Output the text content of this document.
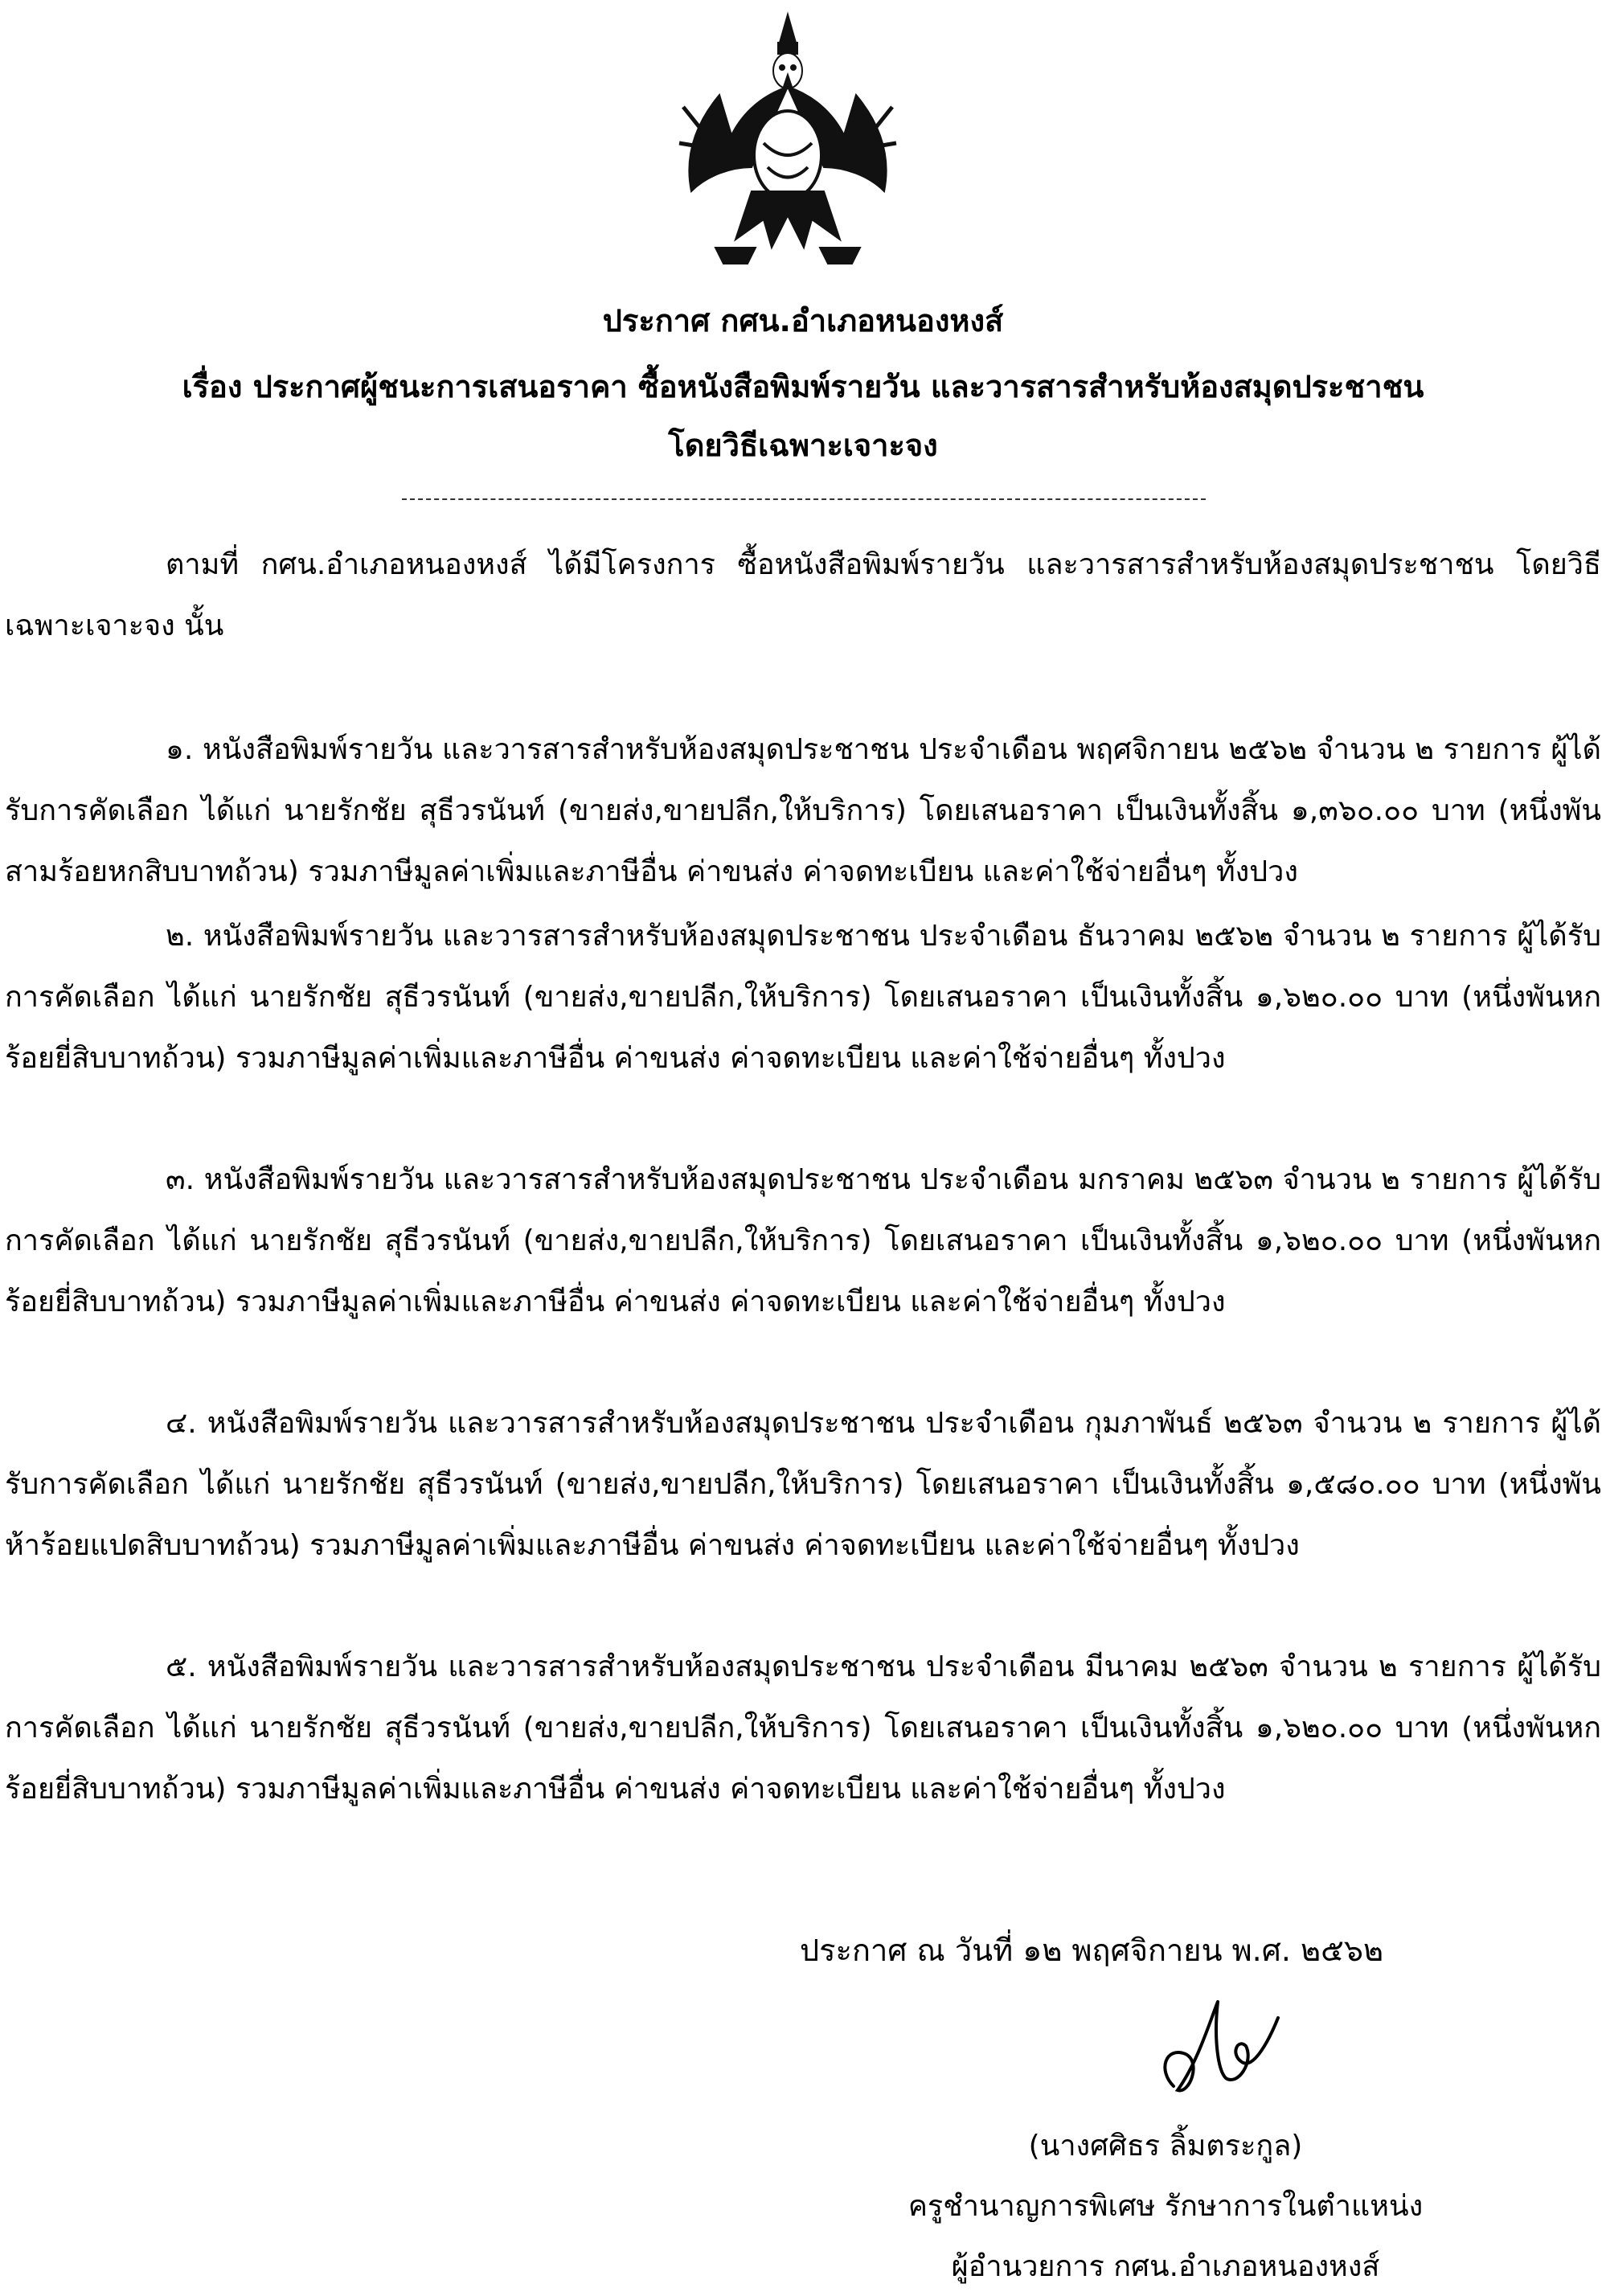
ประกาศ กศน.อำเภอหนองหงส์
เรื่อง ประกาศผู้ชนะการเสนอราคา ซื้อหนังสือพิมพ์รายวัน และวารสารสำหรับห้องสมุดประชาชน
โดยวิธีเฉพาะเจาะจง

ตามที่ กศน.อำเภอหนองหงส์ ได้มีโครงการ ซื้อหนังสือพิมพ์รายวัน และวารสารสำหรับห้องสมุดประชาชน โดยวิธีเฉพาะเจาะจง นั้น

๑. หนังสือพิมพ์รายวัน และวารสารสำหรับห้องสมุดประชาชน ประจำเดือน พฤศจิกายน ๒๕๖๒ จำนวน ๒ รายการ ผู้ได้รับการคัดเลือก ได้แก่ นายรักชัย สุธีวรนันท์ (ขายส่ง,ขายปลีก,ให้บริการ) โดยเสนอราคา เป็นเงินทั้งสิ้น ๑,๓๖๐.๐๐ บาท (หนึ่งพันสามร้อยหกสิบบาทถ้วน) รวมภาษีมูลค่าเพิ่มและภาษีอื่น ค่าขนส่ง ค่าจดทะเบียน และค่าใช้จ่ายอื่นๆ ทั้งปวง

๒. หนังสือพิมพ์รายวัน และวารสารสำหรับห้องสมุดประชาชน ประจำเดือน ธันวาคม ๒๕๖๒ จำนวน ๒ รายการ ผู้ได้รับการคัดเลือก ได้แก่ นายรักชัย สุธีวรนันท์ (ขายส่ง,ขายปลีก,ให้บริการ) โดยเสนอราคา เป็นเงินทั้งสิ้น ๑,๖๒๐.๐๐ บาท (หนึ่งพันหกร้อยยี่สิบบาทถ้วน) รวมภาษีมูลค่าเพิ่มและภาษีอื่น ค่าขนส่ง ค่าจดทะเบียน และค่าใช้จ่ายอื่นๆ ทั้งปวง

๓. หนังสือพิมพ์รายวัน และวารสารสำหรับห้องสมุดประชาชน ประจำเดือน มกราคม ๒๕๖๓ จำนวน ๒ รายการ ผู้ได้รับการคัดเลือก ได้แก่ นายรักชัย สุธีวรนันท์ (ขายส่ง,ขายปลีก,ให้บริการ) โดยเสนอราคา เป็นเงินทั้งสิ้น ๑,๖๒๐.๐๐ บาท (หนึ่งพันหกร้อยยี่สิบบาทถ้วน) รวมภาษีมูลค่าเพิ่มและภาษีอื่น ค่าขนส่ง ค่าจดทะเบียน และค่าใช้จ่ายอื่นๆ ทั้งปวง

๔. หนังสือพิมพ์รายวัน และวารสารสำหรับห้องสมุดประชาชน ประจำเดือน กุมภาพันธ์ ๒๕๖๓ จำนวน ๒ รายการ ผู้ได้รับการคัดเลือก ได้แก่ นายรักชัย สุธีวรนันท์ (ขายส่ง,ขายปลีก,ให้บริการ) โดยเสนอราคา เป็นเงินทั้งสิ้น ๑,๕๘๐.๐๐ บาท (หนึ่งพันห้าร้อยแปดสิบบาทถ้วน) รวมภาษีมูลค่าเพิ่มและภาษีอื่น ค่าขนส่ง ค่าจดทะเบียน และค่าใช้จ่ายอื่นๆ ทั้งปวง

๕. หนังสือพิมพ์รายวัน และวารสารสำหรับห้องสมุดประชาชน ประจำเดือน มีนาคม ๒๕๖๓ จำนวน ๒ รายการ ผู้ได้รับการคัดเลือก ได้แก่ นายรักชัย สุธีวรนันท์ (ขายส่ง,ขายปลีก,ให้บริการ) โดยเสนอราคา เป็นเงินทั้งสิ้น ๑,๖๒๐.๐๐ บาท (หนึ่งพันหกร้อยยี่สิบบาทถ้วน) รวมภาษีมูลค่าเพิ่มและภาษีอื่น ค่าขนส่ง ค่าจดทะเบียน และค่าใช้จ่ายอื่นๆ ทั้งปวง

ประกาศ ณ วันที่ ๑๒ พฤศจิกายน พ.ศ. ๒๕๖๒
(นางศศิธร ลิ้มตระกูล)
ครูชำนาญการพิเศษ รักษาการในตำแหน่ง
ผู้อำนวยการ กศน.อำเภอหนองหงส์
